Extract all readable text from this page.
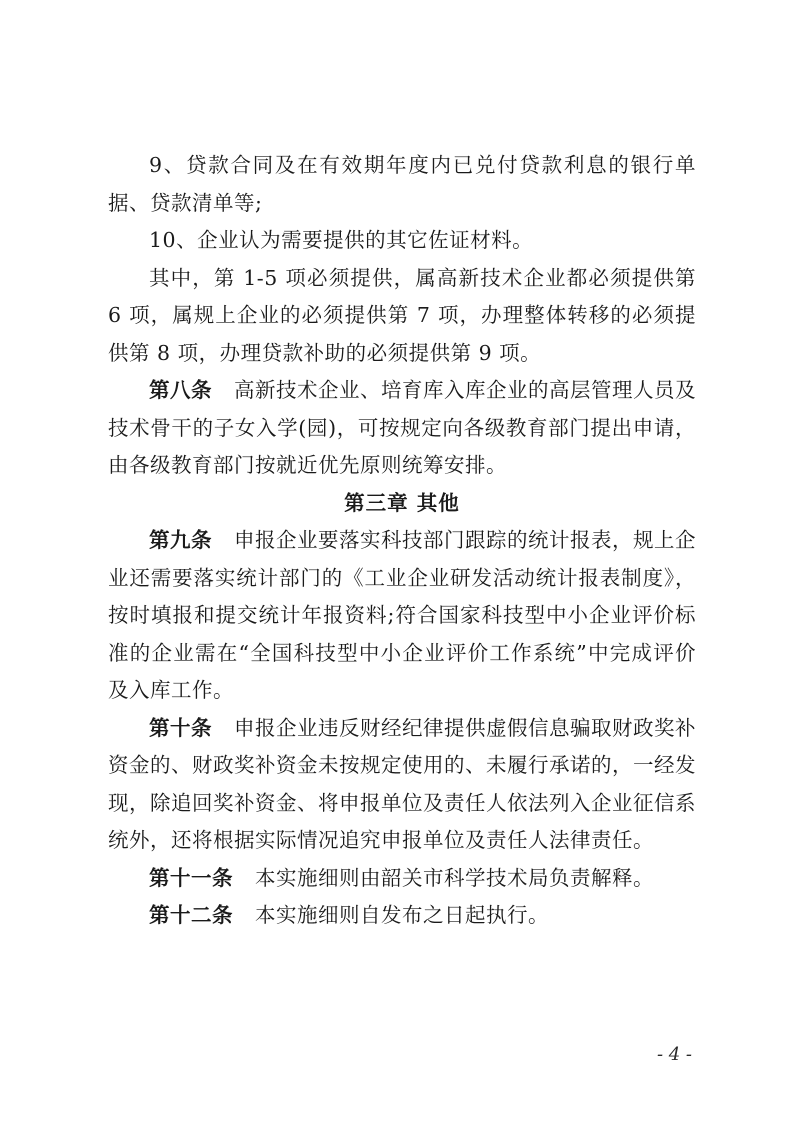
9、贷款合同及在有效期年度内已兑付贷款利息的银行单据、贷款清单等;

10、企业认为需要提供的其它佐证材料。

其中，第 1-5 项必须提供，属高新技术企业都必须提供第 6 项，属规上企业的必须提供第 7 项，办理整体转移的必须提供第 8 项，办理贷款补助的必须提供第 9 项。

第八条 高新技术企业、培育库入库企业的高层管理人员及技术骨干的子女入学(园)，可按规定向各级教育部门提出申请，由各级教育部门按就近优先原则统筹安排。

第三章 其他

第九条 申报企业要落实科技部门跟踪的统计报表，规上企业还需要落实统计部门的《工业企业研发活动统计报表制度》，按时填报和提交统计年报资料;符合国家科技型中小企业评价标准的企业需在“全国科技型中小企业评价工作系统”中完成评价及入库工作。

第十条 申报企业违反财经纪律提供虚假信息骗取财政奖补资金的、财政奖补资金未按规定使用的、未履行承诺的，一经发现，除追回奖补资金、将申报单位及责任人依法列入企业征信系统外，还将根据实际情况追究申报单位及责任人法律责任。

第十一条 本实施细则由韶关市科学技术局负责解释。

第十二条 本实施细则自发布之日起执行。

- 4 -
